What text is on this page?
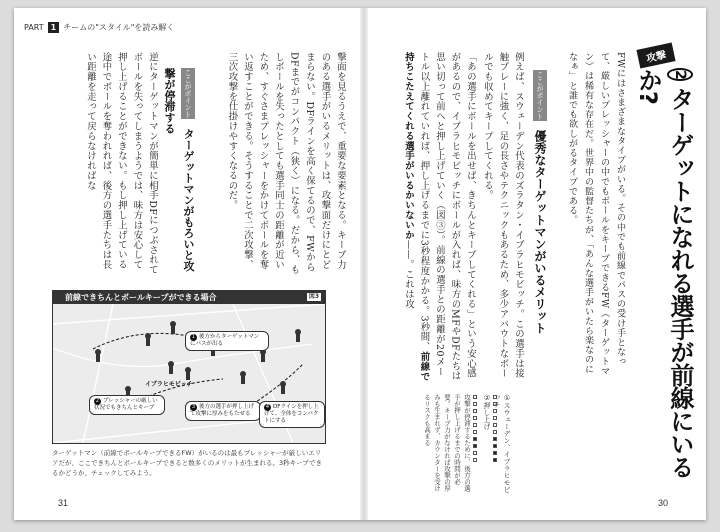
PART 1 チームの"スタイル"を読み解く
攻撃
2ターゲットになれる選手が前線にいるか?
FWにはさまざまなタイプがいる。その中でも前線でパスの受け手となって、厳しいプレッシャーの中でもボールをキープできるFW（ターゲットマン）は稀有な存在だ。世界中の監督たちが、「あんな選手がいたら楽なのになぁ」と誰でも欲しがるタイプである。
ここがポイント 優秀なターゲットマンがいるメリット
例えば、スウェーデン代表のズラタン・イブラヒモビッチ。この選手は接触プレーに強く、足の長さやテクニックもあるため、多少アバウトなボールでも収めてキープしてくれる。
「あの選手にボールを出せば、きちんとキープしてくれる」という安心感があるので、イブラヒモビッチにボールが入れば、味方のMFやDFたちは思い切って前へと押し上げていく（図③）。前線の選手との距離が20メートル以上離れていれば、押し上げるまでに3秒程度かかる。3秒間、前線で持ちこたえてくれる選手がいるかいないか——。これは攻
①スウェーデン、イブラヒモビッチ
②押し上げ
攻撃が停滞するために、後方の選手が押し上げるまでの時間が必要。キープ力がなければ攻撃の厚みも生まれず、カウンターを受けるリスクも高まる
30
撃面を見るうえで、重要な要素となる。キープ力のある選手がいるメリットは、攻撃面だけにとどまらない。DFラインを高く保てるので、FWからDFまでがコンパクト（狭く）になる。だから、もしボールを失ったとしても選手同士の距離が近いため、すぐさまプレッシャーをかけてボールを奪い返すことができる。そうすることで二次攻撃、三次攻撃を仕掛けやすくなるのだ。
ここがポイント ターゲットマンがもろいと攻撃が停滞する
逆にターゲットマンが簡単に相手DFにつぶされてボールを失ってしまうようでは、味方は安心して押し上げることができない。もし押し上げている途中でボールを奪われれば、後方の選手たちは長い距離を走って戻らなければな
前線できちんとボールキープができる場合	図3
1 後方からターゲットマンにパスが出る
2 プレッシャーの厳しい状況でもきちんとキープ	3 後方の選手が押し上げて攻撃に厚みをもたせる
4 DFラインを押し上げて、全体をコンパクトにする
イブラヒモビッチ
ターゲットマン（前線でボールキープできるFW）がいるのは最もプレッシャーが厳しいエリアだが、ここできちんとボールキープできると数多くのメリットが生まれる。3秒キープできるかどうか、チェックしてみよう。
31
